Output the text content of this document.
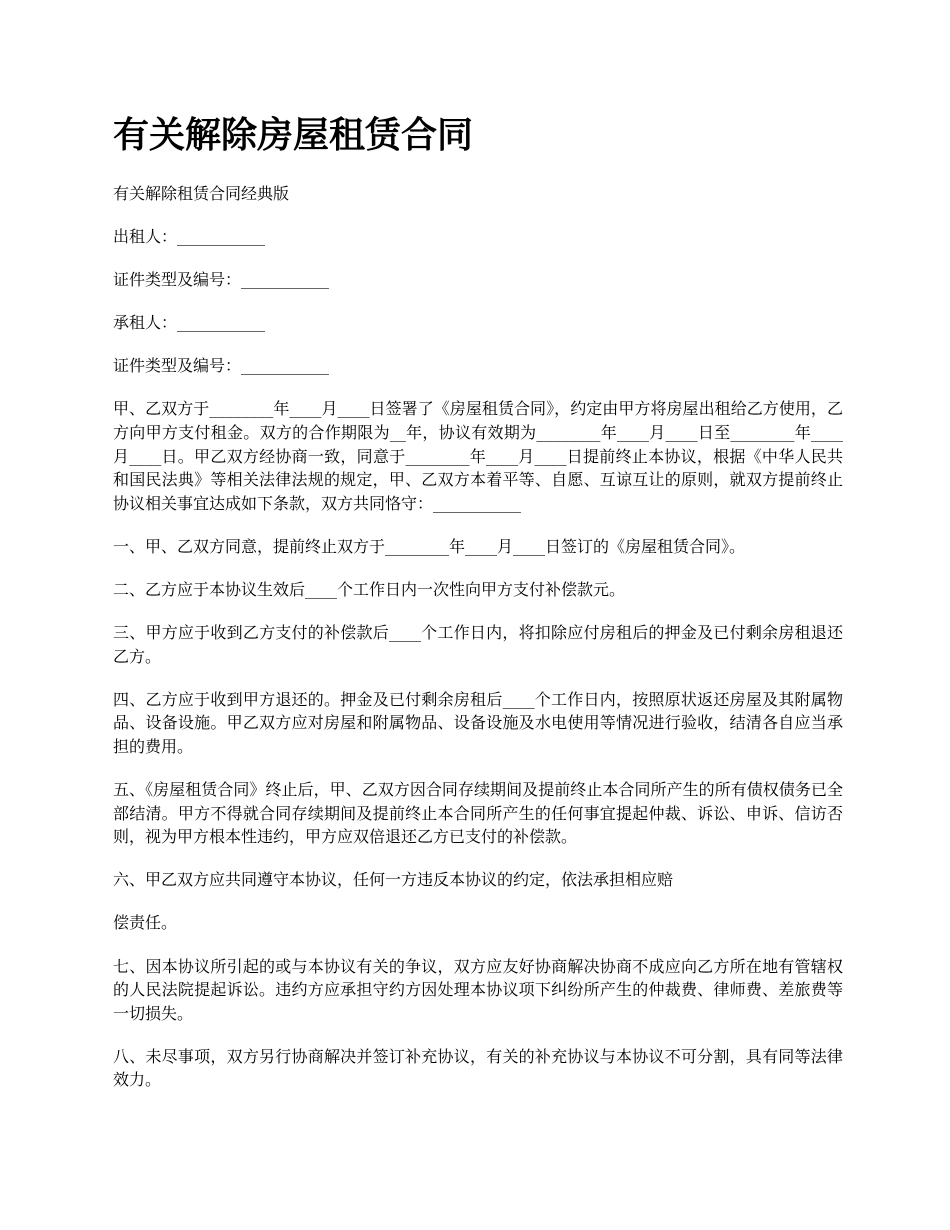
有关解除房屋租赁合同

有关解除租赁合同经典版

出租人：___________

证件类型及编号：___________

承租人：___________

证件类型及编号：___________

甲、乙双方于________年____月____日签署了《房屋租赁合同》，约定由甲方将房屋出租给乙方使用，乙方向甲方支付租金。双方的合作期限为__年，协议有效期为________年____月____日至________年____月____日。甲乙双方经协商一致，同意于________年____月____日提前终止本协议，根据《中华人民共和国民法典》等相关法律法规的规定，甲、乙双方本着平等、自愿、互谅互让的原则，就双方提前终止协议相关事宜达成如下条款，双方共同恪守：___________

一、甲、乙双方同意，提前终止双方于________年____月____日签订的《房屋租赁合同》。

二、乙方应于本协议生效后____个工作日内一次性向甲方支付补偿款元。

三、甲方应于收到乙方支付的补偿款后____个工作日内，将扣除应付房租后的押金及已付剩余房租退还乙方。

四、乙方应于收到甲方退还的。押金及已付剩余房租后____个工作日内，按照原状返还房屋及其附属物品、设备设施。甲乙双方应对房屋和附属物品、设备设施及水电使用等情况进行验收，结清各自应当承担的费用。

五、《房屋租赁合同》终止后，甲、乙双方因合同存续期间及提前终止本合同所产生的所有债权债务已全部结清。甲方不得就合同存续期间及提前终止本合同所产生的任何事宜提起仲裁、诉讼、申诉、信访否则，视为甲方根本性违约，甲方应双倍退还乙方已支付的补偿款。

六、甲乙双方应共同遵守本协议，任何一方违反本协议的约定，依法承担相应赔

偿责任。

七、因本协议所引起的或与本协议有关的争议，双方应友好协商解决协商不成应向乙方所在地有管辖权的人民法院提起诉讼。违约方应承担守约方因处理本协议项下纠纷所产生的仲裁费、律师费、差旅费等一切损失。

八、未尽事项，双方另行协商解决并签订补充协议，有关的补充协议与本协议不可分割，具有同等法律效力。
